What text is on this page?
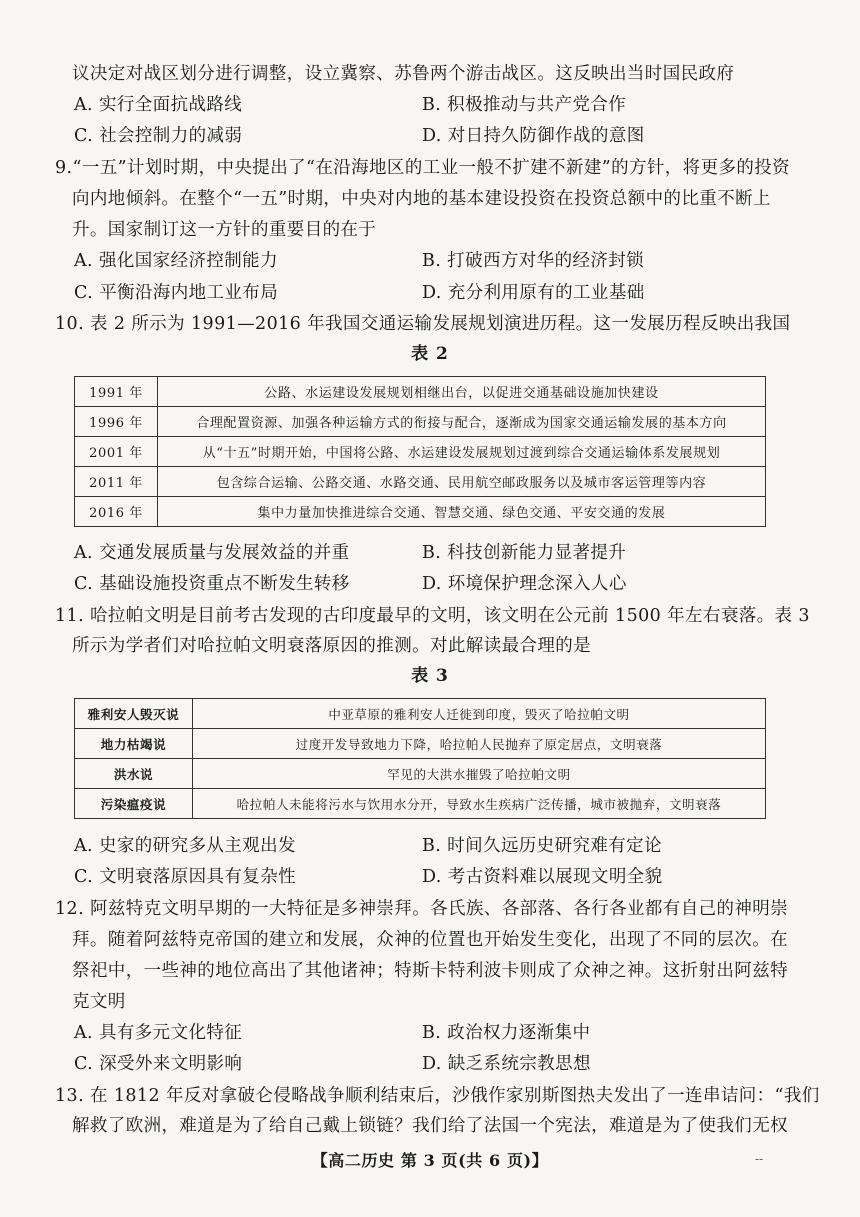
议决定对战区划分进行调整，设立冀察、苏鲁两个游击战区。这反映出当时国民政府
A. 实行全面抗战路线	B. 积极推动与共产党合作
C. 社会控制力的减弱	D. 对日持久防御作战的意图
9.“一五”计划时期，中央提出了“在沿海地区的工业一般不扩建不新建”的方针，将更多的投资
向内地倾斜。在整个“一五”时期，中央对内地的基本建设投资在投资总额中的比重不断上
升。国家制订这一方针的重要目的在于
A. 强化国家经济控制能力	B. 打破西方对华的经济封锁
C. 平衡沿海内地工业布局	D. 充分利用原有的工业基础
10. 表 2 所示为 1991—2016 年我国交通运输发展规划演进历程。这一发展历程反映出我国
表 2
1991 年	公路、水运建设发展规划相继出台，以促进交通基础设施加快建设
1996 年	合理配置资源、加强各种运输方式的衔接与配合，逐渐成为国家交通运输发展的基本方向
2001 年	从“十五”时期开始，中国将公路、水运建设发展规划过渡到综合交通运输体系发展规划
2011 年	包含综合运输、公路交通、水路交通、民用航空邮政服务以及城市客运管理等内容
2016 年	集中力量加快推进综合交通、智慧交通、绿色交通、平安交通的发展
A. 交通发展质量与发展效益的并重	B. 科技创新能力显著提升
C. 基础设施投资重点不断发生转移	D. 环境保护理念深入人心
11. 哈拉帕文明是目前考古发现的古印度最早的文明，该文明在公元前 1500 年左右衰落。表 3
所示为学者们对哈拉帕文明衰落原因的推测。对此解读最合理的是
表 3
雅利安人毁灭说	中亚草原的雅利安人迁徙到印度，毁灭了哈拉帕文明
地力枯竭说	过度开发导致地力下降，哈拉帕人民抛弃了原定居点，文明衰落
洪水说	罕见的大洪水摧毁了哈拉帕文明
污染瘟疫说	哈拉帕人未能将污水与饮用水分开，导致水生疾病广泛传播，城市被抛弃，文明衰落
A. 史家的研究多从主观出发	B. 时间久远历史研究难有定论
C. 文明衰落原因具有复杂性	D. 考古资料难以展现文明全貌
12. 阿兹特克文明早期的一大特征是多神崇拜。各氏族、各部落、各行各业都有自己的神明崇
拜。随着阿兹特克帝国的建立和发展，众神的位置也开始发生变化，出现了不同的层次。在
祭祀中，一些神的地位高出了其他诸神；特斯卡特利波卡则成了众神之神。这折射出阿兹特
克文明
A. 具有多元文化特征	B. 政治权力逐渐集中
C. 深受外来文明影响	D. 缺乏系统宗教思想
13. 在 1812 年反对拿破仑侵略战争顺利结束后，沙俄作家别斯图热夫发出了一连串诘问：“我们
解救了欧洲，难道是为了给自己戴上锁链？我们给了法国一个宪法，难道是为了使我们无权
【高二历史 第 3 页(共 6 页)】	--
